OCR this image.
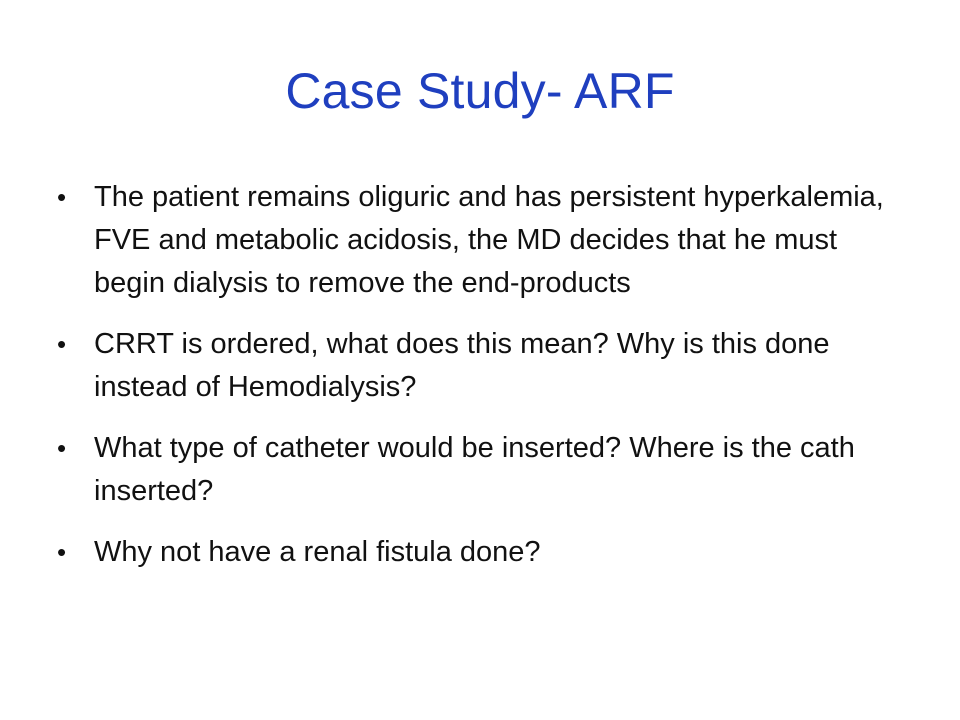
Case Study- ARF
• The patient remains oliguric and has persistent hyperkalemia, FVE and metabolic acidosis, the MD decides that he must begin dialysis to remove the end-products
• CRRT is ordered, what does this mean? Why is this done instead of Hemodialysis?
• What type of catheter would be inserted? Where is the cath inserted?
• Why not have a renal fistula done?
